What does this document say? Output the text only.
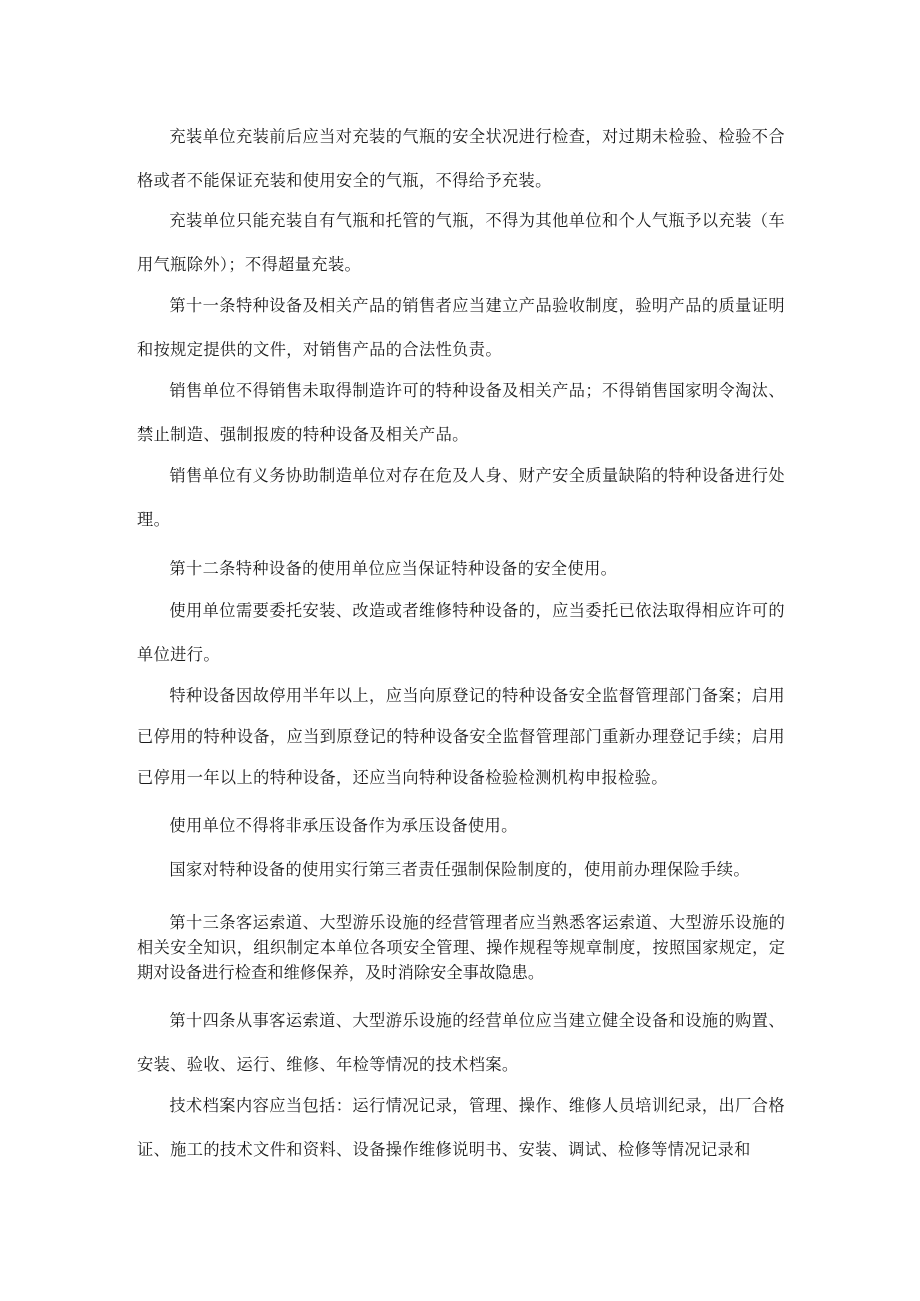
充装单位充装前后应当对充装的气瓶的安全状况进行检查，对过期未检验、检验不合格或者不能保证充装和使用安全的气瓶，不得给予充装。

充装单位只能充装自有气瓶和托管的气瓶，不得为其他单位和个人气瓶予以充装（车用气瓶除外）；不得超量充装。

第十一条特种设备及相关产品的销售者应当建立产品验收制度，验明产品的质量证明和按规定提供的文件，对销售产品的合法性负责。

销售单位不得销售未取得制造许可的特种设备及相关产品；不得销售国家明令淘汰、禁止制造、强制报废的特种设备及相关产品。

销售单位有义务协助制造单位对存在危及人身、财产安全质量缺陷的特种设备进行处理。

第十二条特种设备的使用单位应当保证特种设备的安全使用。

使用单位需要委托安装、改造或者维修特种设备的，应当委托已依法取得相应许可的单位进行。

特种设备因故停用半年以上，应当向原登记的特种设备安全监督管理部门备案；启用已停用的特种设备，应当到原登记的特种设备安全监督管理部门重新办理登记手续；启用已停用一年以上的特种设备，还应当向特种设备检验检测机构申报检验。

使用单位不得将非承压设备作为承压设备使用。

国家对特种设备的使用实行第三者责任强制保险制度的，使用前办理保险手续。

第十三条客运索道、大型游乐设施的经营管理者应当熟悉客运索道、大型游乐设施的相关安全知识，组织制定本单位各项安全管理、操作规程等规章制度，按照国家规定，定期对设备进行检查和维修保养，及时消除安全事故隐患。

第十四条从事客运索道、大型游乐设施的经营单位应当建立健全设备和设施的购置、安装、验收、运行、维修、年检等情况的技术档案。

技术档案内容应当包括：运行情况记录，管理、操作、维修人员培训纪录，出厂合格证、施工的技术文件和资料、设备操作维修说明书、安装、调试、检修等情况记录和
